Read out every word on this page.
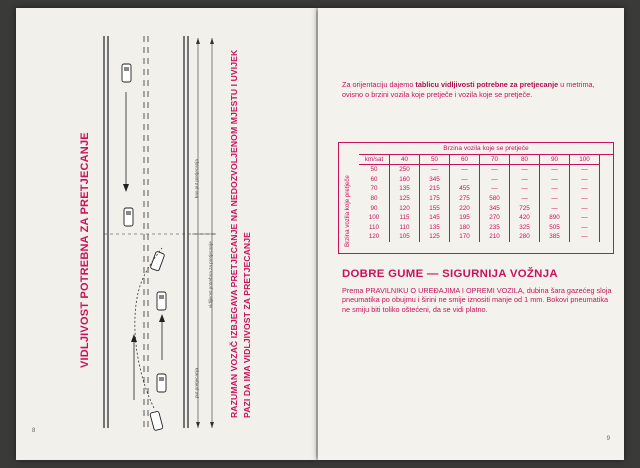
VIDLJIVOST POTREBNA ZA PRETJECANJE	RAZUMAN VOZAČ IZBJEGAVA PRETJECANJE NA NEDOZVOLJENOM MJESTU I UVIJEK PAZI DA IMA VIDLJIVOST ZA PRETJECANJE
vidljivost potrebna za pretjecanje
kao put pretjecanja
put pretjecanja
8
Za orijentaciju dajemo tablicu vidljivosti potrebne za pretjecanje u metrima, ovisno o brzini vozila koje pretječe i vozila koje se pretječe.
Brzina vozila koje pretječe
Brzina vozila koje se pretječe
km/sat	40	50	60	70	80	90	100
50	250	—	—	—	—	—	—
60	160	345	—	—	—	—	—
70	135	215	455	—	—	—	—
80	125	175	275	580	—	—	—
90	120	155	220	345	725	—	—
100	115	145	195	270	420	890	—
110	110	135	180	235	325	505	—
120	105	125	170	210	280	385	—
DOBRE GUME — SIGURNIJA VOŽNJA
Prema PRAVILNIKU O UREĐAJIMA I OPREMI VOZILA, dubina šara gazećeg sloja pneumatika po obujmu i širini ne smije iznositi manje od 1 mm. Bokovi pneumatika ne smiju biti toliko oštećeni, da se vidi platno.
9
